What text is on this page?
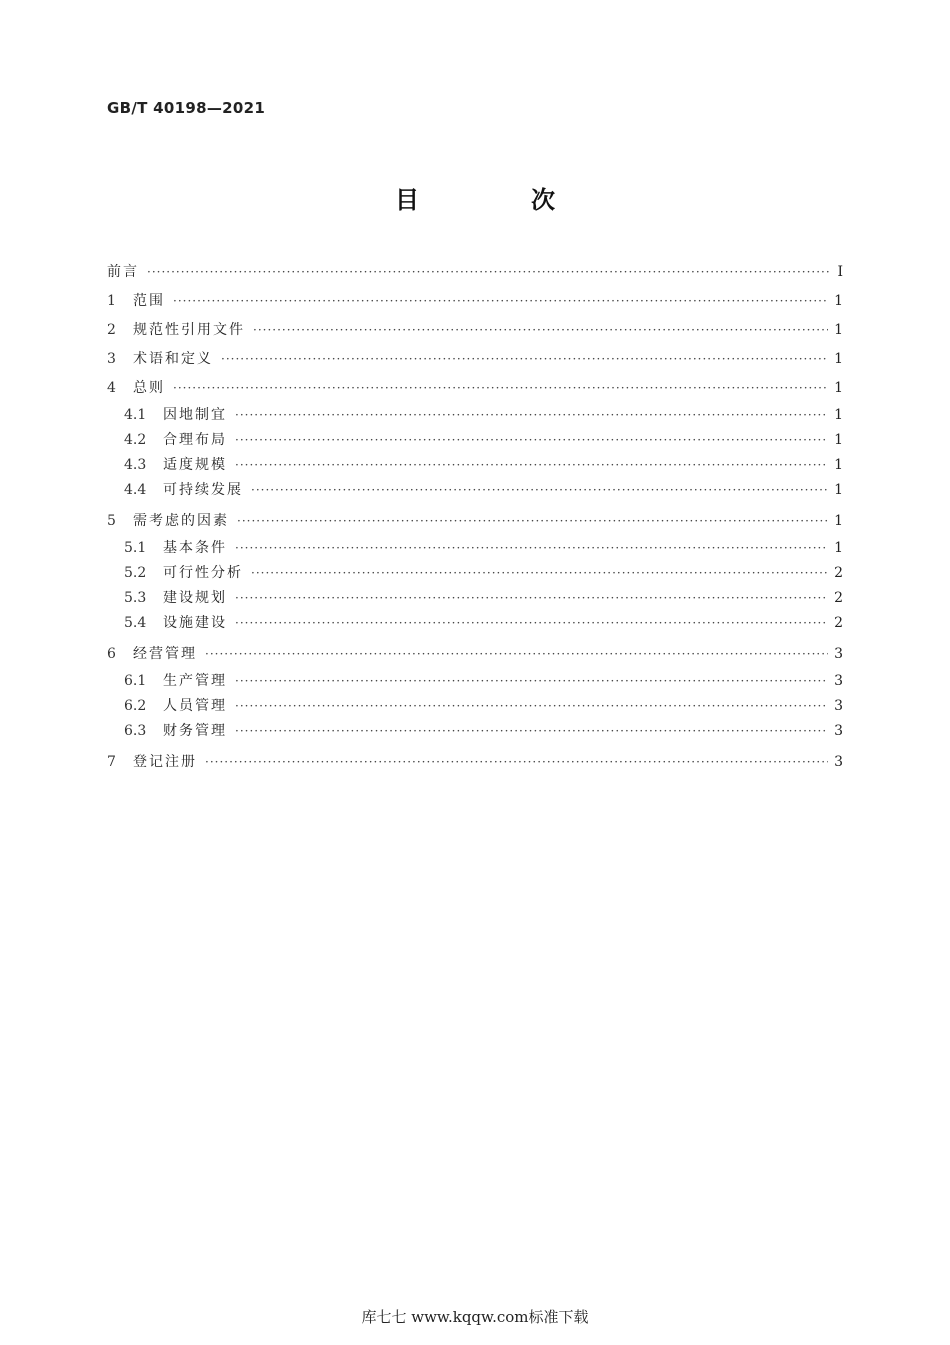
GB/T 40198—2021
目　次
前言 ·····	Ⅰ
1	范围 ·····	1
2	规范性引用文件 ·····	1
3	术语和定义 ·····	1
4	总则 ·····	1
4.1	因地制宜 ·····	1
4.2	合理布局 ·····	1
4.3	适度规模 ·····	1
4.4	可持续发展 ·····	1
5	需考虑的因素 ·····	1
5.1	基本条件 ·····	1
5.2	可行性分析 ·····	2
5.3	建设规划 ·····	2
5.4	设施建设 ·····	2
6	经营管理 ·····	3
6.1	生产管理 ·····	3
6.2	人员管理 ·····	3
6.3	财务管理 ·····	3
7	登记注册 ·····	3
库七七 www.kqqw.com标准下载
